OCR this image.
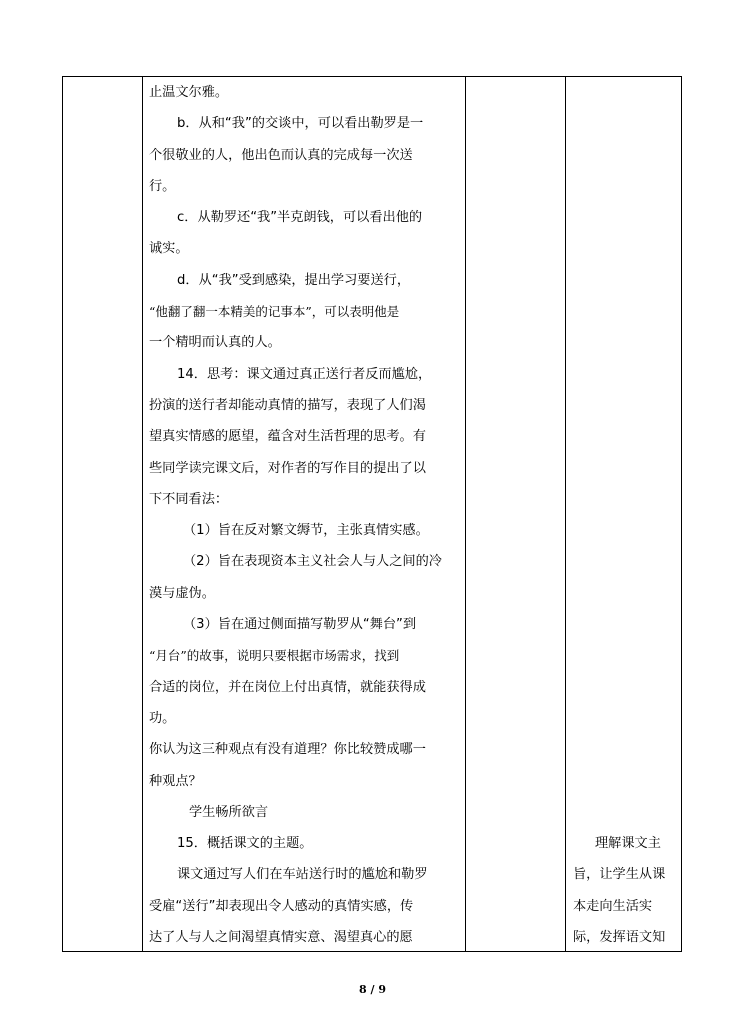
止温文尔雅。
b．从和“我”的交谈中，可以看出勒罗是一
个很敬业的人，他出色而认真的完成每一次送
行。
c．从勒罗还“我”半克朗钱，可以看出他的
诚实。
d．从“我”受到感染，提出学习要送行，
“他翻了翻一本精美的记事本”，可以表明他是
一个精明而认真的人。
14．思考：课文通过真正送行者反而尴尬，
扮演的送行者却能动真情的描写，表现了人们渴
望真实情感的愿望，蕴含对生活哲理的思考。有
些同学读完课文后，对作者的写作目的提出了以
下不同看法：
（1）旨在反对繁文缛节，主张真情实感。
（2）旨在表现资本主义社会人与人之间的冷
漠与虚伪。
（3）旨在通过侧面描写勒罗从“舞台”到
“月台”的故事，说明只要根据市场需求，找到
合适的岗位，并在岗位上付出真情，就能获得成
功。
你认为这三种观点有没有道理？你比较赞成哪一
种观点？
学生畅所欲言
15．概括课文的主题。
课文通过写人们在车站送行时的尴尬和勒罗
受雇“送行”却表现出令人感动的真情实感，传
达了人与人之间渴望真情实意、渴望真心的愿
理解课文主
旨，让学生从课
本走向生活实
际，发挥语文知
8 / 9
